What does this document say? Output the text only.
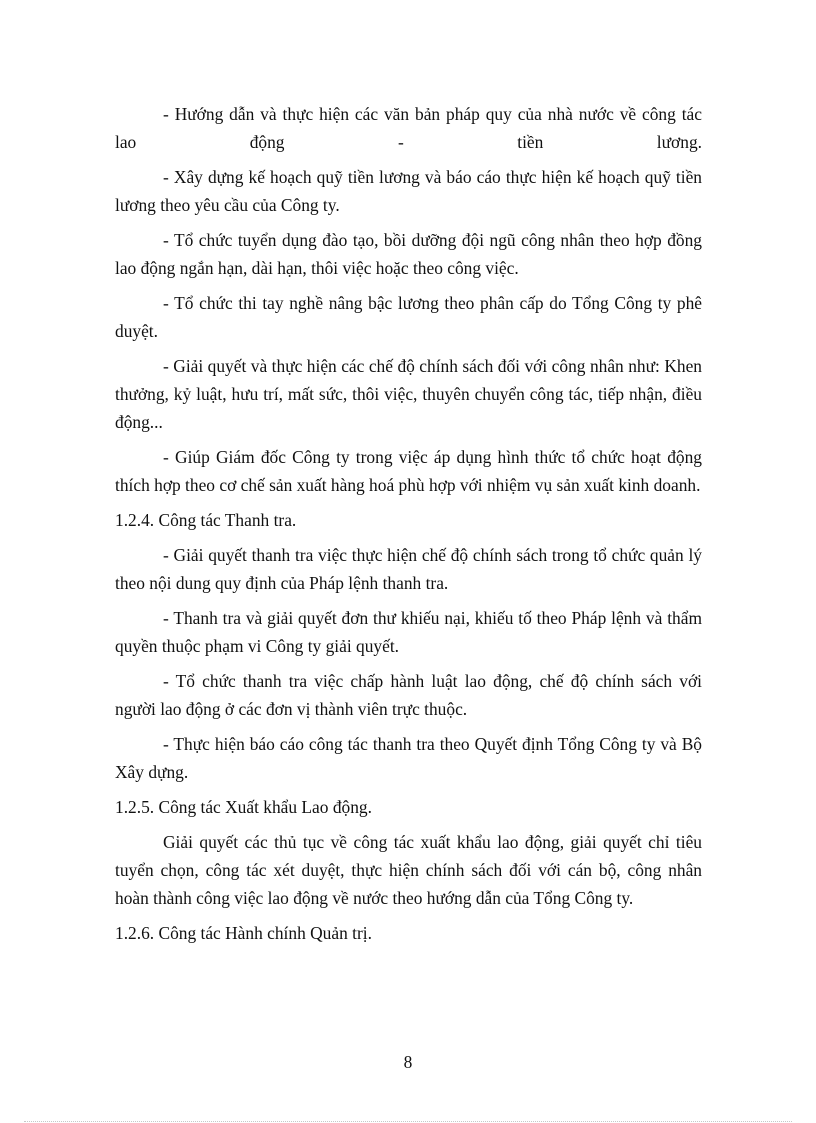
- Hướng dẫn và thực hiện các văn bản pháp quy của nhà nước về công tác lao động - tiền lương.

- Xây dựng kế hoạch quỹ tiền lương và báo cáo thực hiện kế hoạch quỹ tiền lương theo yêu cầu của Công ty.

- Tổ chức tuyển dụng đào tạo, bồi dưỡng đội ngũ công nhân theo hợp đồng lao động ngắn hạn, dài hạn, thôi việc hoặc theo công việc.

- Tổ chức thi tay nghề nâng bậc lương theo phân cấp do Tổng Công ty phê duyệt.

- Giải quyết và thực hiện các chế độ chính sách đối với công nhân như: Khen thưởng, kỷ luật, hưu trí, mất sức, thôi việc, thuyên chuyển công tác, tiếp nhận, điều động...

- Giúp Giám đốc Công ty trong việc áp dụng hình thức tổ chức hoạt động thích hợp theo cơ chế sản xuất hàng hoá phù hợp với nhiệm vụ sản xuất kinh doanh.

1.2.4. Công tác Thanh tra.

- Giải quyết thanh tra việc thực hiện chế độ chính sách trong tổ chức quản lý theo nội dung quy định của Pháp lệnh thanh tra.

- Thanh tra và giải quyết đơn thư khiếu nại, khiếu tố theo Pháp lệnh và thẩm quyền thuộc phạm vi Công ty giải quyết.

- Tổ chức thanh tra việc chấp hành luật lao động, chế độ chính sách với người lao động ở các đơn vị thành viên trực thuộc.

- Thực hiện báo cáo công tác thanh tra theo Quyết định Tổng Công ty và Bộ Xây dựng.

1.2.5. Công tác Xuất khẩu Lao động.

Giải quyết các thủ tục về công tác xuất khẩu lao động, giải quyết chỉ tiêu tuyển chọn, công tác xét duyệt, thực hiện chính sách đối với cán bộ, công nhân hoàn thành công việc lao động về nước theo hướng dẫn của Tổng Công ty.

1.2.6. Công tác Hành chính Quản trị.

8
